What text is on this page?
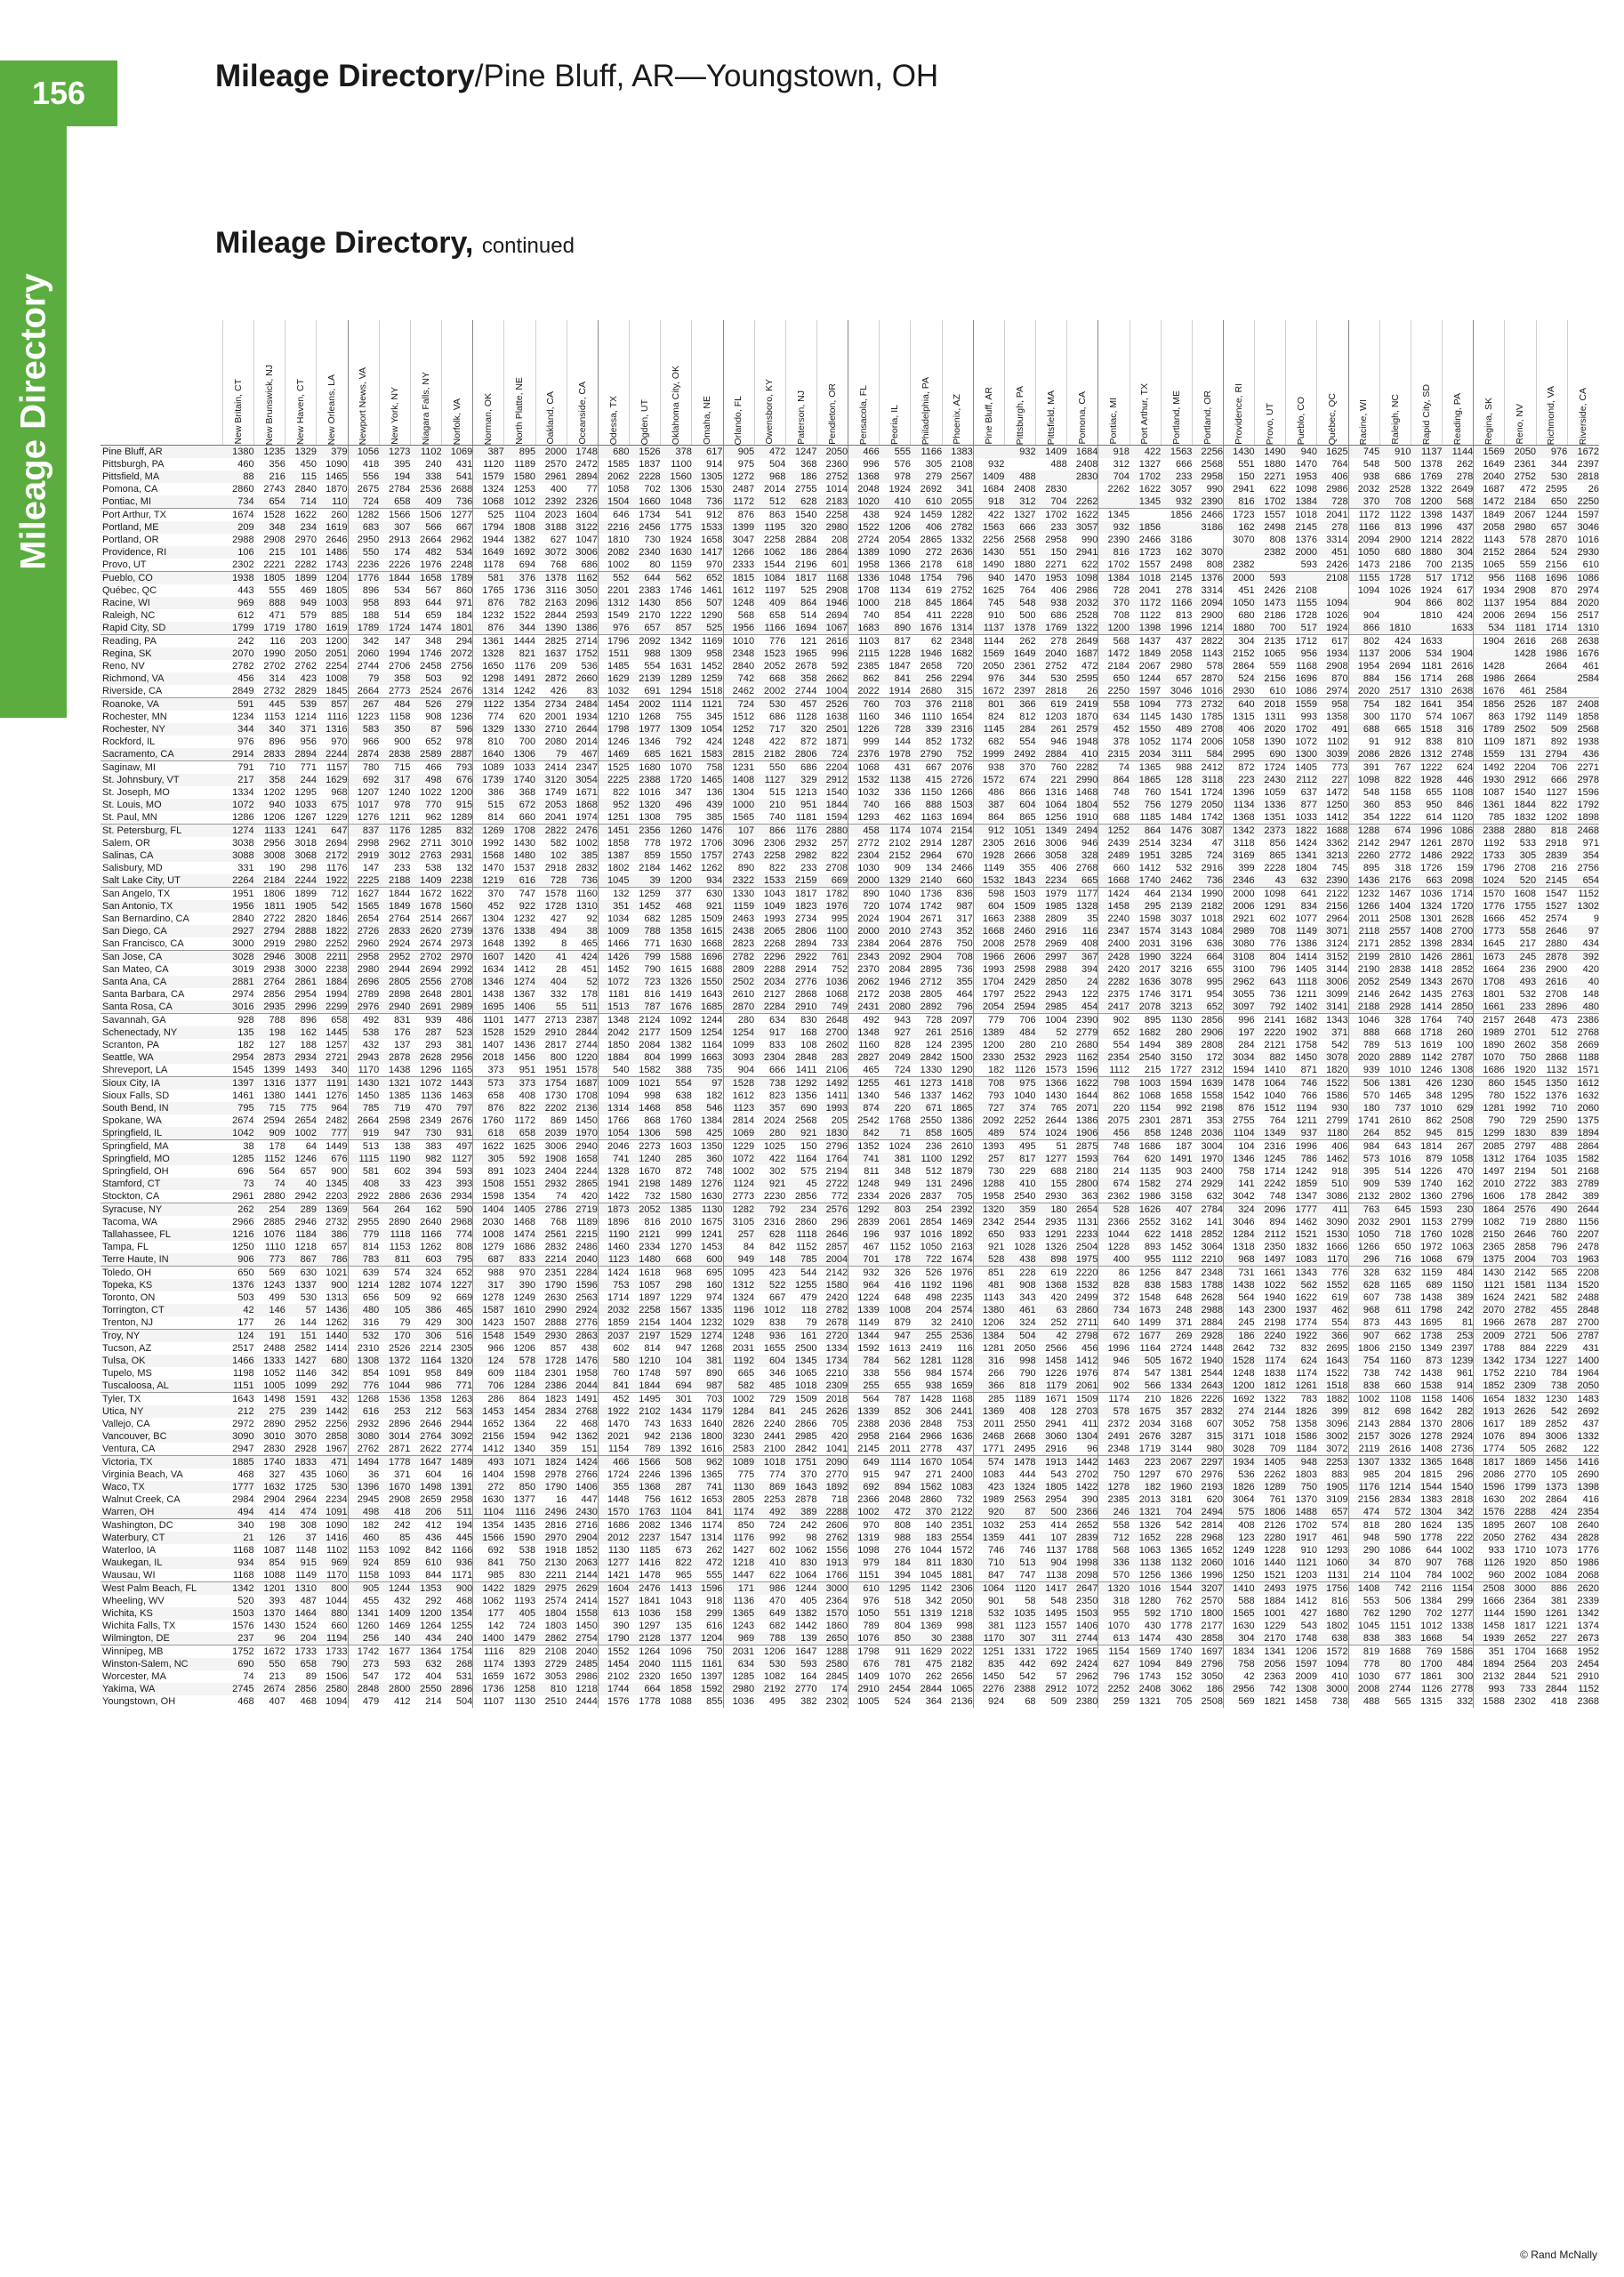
156
Mileage Directory
Mileage Directory/Pine Bluff, AR—Youngstown, OH
Mileage Directory, continued

	New Britain, CT	New Brunswick, NJ	New Haven, CT	New Orleans, LA	Newport News, VA	New York, NY	Niagara Falls, NY	Norfolk, VA	Norman, OK	North Platte, NE	Oakland, CA	Oceanside, CA	Odessa, TX	Ogden, UT	Oklahoma City, OK	Omaha, NE	Orlando, FL	Owensboro, KY	Paterson, NJ	Pendleton, OR	Pensacola, FL	Peoria, IL	Philadelphia, PA	Phoenix, AZ	Pine Bluff, AR	Pittsburgh, PA	Pittsfield, MA	Pomona, CA	Pontiac, MI	Port Arthur, TX	Portland, ME	Portland, OR	Providence, RI	Provo, UT	Pueblo, CO	Québec, QC	Racine, WI	Raleigh, NC	Rapid City, SD	Reading, PA	Regina, SK	Reno, NV	Richmond, VA	Riverside, CA

Pine Bluff, AR	1380	1235	1329	379	1056	1273	1102	1069	387	895	2000	1748	680	1526	378	617	905	472	1247	2050	466	555	1166	1383		932	1409	1684	918	422	1563	2256	1430	1490	940	1625	745	910	1137	1144	1569	2050	976	1672
Pittsburgh, PA	460	356	450	1090	418	395	240	431	1120	1189	2570	2472	1585	1837	1100	914	975	504	368	2360	996	576	305	2108	932		488	2408	312	1327	666	2568	551	1880	1470	764	548	500	1378	262	1649	2361	344	2397
Pittsfield, MA	88	216	115	1465	556	194	338	541	1579	1580	2961	2894	2062	2228	1560	1305	1272	968	186	2752	1368	978	279	2567	1409	488		2830	704	1702	233	2958	150	2271	1953	406	938	686	1769	278	2040	2752	530	2818
Pomona, CA	2860	2743	2840	1870	2675	2784	2536	2688	1324	1253	400	77	1058	702	1306	1530	2487	2014	2755	1014	2048	1924	2692	341	1684	2408	2830		2262	1622	3057	990	2941	622	1098	2986	2032	2528	1322	2649	1687	472	2595	26
Pontiac, MI	734	654	714	110	724	658	409	736	1068	1012	2392	2326	1504	1660	1048	736	1172	512	628	2183	1020	410	610	2055	918	312	704	2262		1345	932	2390	816	1702	1384	728	370	708	1200	568	1472	2184	650	2250
Port Arthur, TX	1674	1528	1622	260	1282	1566	1506	1277	525	1104	2023	1604	646	1734	541	912	876	863	1540	2258	438	924	1459	1282	422	1327	1702	1622	1345		1856	2466	1723	1557	1018	2041	1172	1122	1398	1437	1849	2067	1244	1597
Portland, ME	209	348	234	1619	683	307	566	667	1794	1808	3188	3122	2216	2456	1775	1533	1399	1195	320	2980	1522	1206	406	2782	1563	666	233	3057	932	1856		3186	162	2498	2145	278	1166	813	1996	437	2058	2980	657	3046
Portland, OR	2988	2908	2970	2646	2950	2913	2664	2962	1944	1382	627	1047	1810	730	1924	1658	3047	2258	2884	208	2724	2054	2865	1332	2256	2568	2958	990	2390	2466	3186		3070	808	1376	3314	2094	2900	1214	2822	1143	578	2870	1016
Providence, RI	106	215	101	1486	550	174	482	534	1649	1692	3072	3006	2082	2340	1630	1417	1266	1062	186	2864	1389	1090	272	2636	1430	551	150	2941	816	1723	162	3070		2382	2000	451	1050	680	1880	304	2152	2864	524	2930
Provo, UT	2302	2221	2282	1743	2236	2226	1976	2248	1178	694	768	686	1002	80	1159	970	2333	1544	2196	601	1958	1366	2178	618	1490	1880	2271	622	1702	1557	2498	808	2382		593	2426	1473	2186	700	2135	1065	559	2156	610
Pueblo, CO	1938	1805	1899	1204	1776	1844	1658	1789	581	376	1378	1162	552	644	562	652	1815	1084	1817	1168	1336	1048	1754	796	940	1470	1953	1098	1384	1018	2145	1376	2000	593		2108	1155	1728	517	1712	956	1168	1696	1086
Québec, QC	443	555	469	1805	896	534	567	860	1765	1736	3116	3050	2201	2383	1746	1461	1612	1197	525	2908	1708	1134	619	2752	1625	764	406	2986	728	2041	278	3314	451	2426	2108		1094	1026	1924	617	1934	2908	870	2974
Racine, WI	969	888	949	1003	958	893	644	971	876	782	2163	2096	1312	1430	856	507	1248	409	864	1946	1000	218	845	1864	745	548	938	2032	370	1172	1166	2094	1050	1473	1155	1094		904	866	802	1137	1954	884	2020
Raleigh, NC	612	471	579	885	188	514	659	184	1232	1522	2844	2593	1549	2170	1222	1290	568	658	514	2694	740	854	411	2228	910	500	686	2528	708	1122	813	2900	680	2186	1728	1026	904		1810	424	2006	2694	156	2517
Rapid City, SD	1799	1719	1780	1619	1789	1724	1474	1801	876	344	1390	1386	976	657	857	525	1956	1166	1694	1067	1683	890	1676	1314	1137	1378	1769	1322	1200	1398	1996	1214	1880	700	517	1924	866	1810		1633	534	1181	1714	1310
Reading, PA	242	116	203	1200	342	147	348	294	1361	1444	2825	2714	1796	2092	1342	1169	1010	776	121	2616	1103	817	62	2348	1144	262	278	2649	568	1437	437	2822	304	2135	1712	617	802	424	1633		1904	2616	268	2638
Regina, SK	2070	1990	2050	2051	2060	1994	1746	2072	1328	821	1637	1752	1511	988	1309	958	2348	1523	1965	996	2115	1228	1946	1682	1569	1649	2040	1687	1472	1849	2058	1143	2152	1065	956	1934	1137	2006	534	1904		1428	1986	1676
Reno, NV	2782	2702	2762	2254	2744	2706	2458	2756	1650	1176	209	536	1485	554	1631	1452	2840	2052	2678	592	2385	1847	2658	720	2050	2361	2752	472	2184	2067	2980	578	2864	559	1168	2908	1954	2694	1181	2616	1428		2664	461
Richmond, VA	456	314	423	1008	79	358	503	92	1298	1491	2872	2660	1629	2139	1289	1259	742	668	358	2662	862	841	256	2294	976	344	530	2595	650	1244	657	2870	524	2156	1696	870	884	156	1714	268	1986	2664		2584
Riverside, CA	2849	2732	2829	1845	2664	2773	2524	2676	1314	1242	426	83	1032	691	1294	1518	2462	2002	2744	1004	2022	1914	2680	315	1672	2397	2818	26	2250	1597	3046	1016	2930	610	1086	2974	2020	2517	1310	2638	1676	461	2584	
Roanoke, VA	591	445	539	857	267	484	526	279	1122	1354	2734	2484	1454	2002	1114	1121	724	530	457	2526	760	703	376	2118	801	366	619	2419	558	1094	773	2732	640	2018	1559	958	754	182	1641	354	1856	2526	187	2408
Rochester, MN	1234	1153	1214	1116	1223	1158	908	1236	774	620	2001	1934	1210	1268	755	345	1512	686	1128	1638	1160	346	1110	1654	824	812	1203	1870	634	1145	1430	1785	1315	1311	993	1358	300	1170	574	1067	863	1792	1149	1858
Rochester, NY	344	340	371	1316	583	350	87	596	1329	1330	2710	2644	1798	1977	1309	1054	1252	717	320	2501	1226	728	339	2316	1145	284	261	2579	452	1550	489	2708	406	2020	1702	491	688	665	1518	316	1789	2502	509	2568
Rockford, IL	976	896	956	970	966	900	652	978	810	700	2080	2014	1246	1346	792	424	1248	422	872	1871	999	144	852	1732	682	554	946	1948	378	1052	1174	2006	1058	1390	1072	1102	91	912	838	810	1109	1871	892	1938
Sacramento, CA	2914	2833	2894	2244	2874	2838	2589	2887	1640	1306	79	467	1469	685	1621	1583	2815	2182	2806	724	2376	1978	2790	752	1999	2492	2884	410	2315	2034	3111	584	2995	690	1300	3039	2086	2826	1312	2748	1559	131	2794	436
Saginaw, MI	791	710	771	1157	780	715	466	793	1089	1033	2414	2347	1525	1680	1070	758	1231	550	686	2204	1068	431	667	2076	938	370	760	2282	74	1365	988	2412	872	1724	1405	773	391	767	1222	624	1492	2204	706	2271
St. Johnsbury, VT	217	358	244	1629	692	317	498	676	1739	1740	3120	3054	2225	2388	1720	1465	1408	1127	329	2912	1532	1138	415	2726	1572	674	221	2990	864	1865	128	3118	223	2430	2112	227	1098	822	1928	446	1930	2912	666	2978
St. Joseph, MO	1334	1202	1295	968	1207	1240	1022	1200	386	368	1749	1671	822	1016	347	136	1304	515	1213	1540	1032	336	1150	1266	486	866	1316	1468	748	760	1541	1724	1396	1059	637	1472	548	1158	655	1108	1087	1540	1127	1596
St. Louis, MO	1072	940	1033	675	1017	978	770	915	515	672	2053	1868	952	1320	496	439	1000	210	951	1844	740	166	888	1503	387	604	1064	1804	552	756	1279	2050	1134	1336	877	1250	360	853	950	846	1361	1844	822	1792
St. Paul, MN	1286	1206	1267	1229	1276	1211	962	1289	814	660	2041	1974	1251	1308	795	385	1565	740	1181	1594	1293	462	1163	1694	864	865	1256	1910	688	1185	1484	1742	1368	1351	1033	1412	354	1222	614	1120	785	1832	1202	1898
St. Petersburg, FL	1274	1133	1241	647	837	1176	1285	832	1269	1708	2822	2476	1451	2356	1260	1476	107	866	1176	2880	458	1174	1074	2154	912	1051	1349	2494	1252	864	1476	3087	1342	2373	1822	1688	1288	674	1996	1086	2388	2880	818	2468
Salem, OR	3038	2956	3018	2694	2998	2962	2711	3010	1992	1430	582	1002	1858	778	1972	1706	3096	2306	2932	257	2772	2102	2914	1287	2305	2616	3006	946	2439	2514	3234	47	3118	856	1424	3362	2142	2947	1261	2870	1192	533	2918	971
Salinas, CA	3088	3008	3068	2172	2919	3012	2763	2931	1568	1480	102	385	1387	859	1550	1757	2743	2258	2982	822	2304	2152	2964	670	1928	2666	3058	328	2489	1951	3285	724	3169	865	1341	3213	2260	2772	1486	2922	1733	305	2839	354
Salisbury, MD	331	190	298	1176	147	233	538	132	1470	1537	2918	2832	1802	2184	1462	1262	890	822	233	2708	1030	909	134	2466	1149	355	406	2768	660	1412	532	2916	399	2228	1804	745	895	318	1726	159	1796	2708	216	2756
Salt Lake City, UT	2264	2184	2244	1922	2225	2188	1409	2238	1219	616	728	736	1045	39	1200	934	2322	1533	2159	669	2000	1329	2140	660	1532	1843	2234	665	1668	1740	2462	736	2346	43	632	2390	1436	2176	663	2098	1024	520	2145	654
San Angelo, TX	1951	1806	1899	712	1627	1844	1672	1622	370	747	1578	1160	132	1259	377	630	1330	1043	1817	1782	890	1040	1736	836	598	1503	1979	1177	1424	464	2134	1990	2000	1098	641	2122	1232	1467	1036	1714	1570	1608	1547	1152
San Antonio, TX	1956	1811	1905	542	1565	1849	1678	1560	452	922	1728	1310	351	1452	468	921	1159	1049	1823	1976	720	1074	1742	987	604	1509	1985	1328	1458	295	2139	2182	2006	1291	834	2156	1266	1404	1324	1720	1776	1755	1527	1302
San Bernardino, CA	2840	2722	2820	1846	2654	2764	2514	2667	1304	1232	427	92	1034	682	1285	1509	2463	1993	2734	995	2024	1904	2671	317	1663	2388	2809	35	2240	1598	3037	1018	2921	602	1077	2964	2011	2508	1301	2628	1666	452	2574	9
San Diego, CA	2927	2794	2888	1822	2726	2833	2620	2739	1376	1338	494	38	1009	788	1358	1615	2438	2065	2806	1100	2000	2010	2743	352	1668	2460	2916	116	2347	1574	3143	1084	2989	708	1149	3071	2118	2557	1408	2700	1773	558	2646	97
San Francisco, CA	3000	2919	2980	2252	2960	2924	2674	2973	1648	1392	8	465	1466	771	1630	1668	2823	2268	2894	733	2384	2064	2876	750	2008	2578	2969	408	2400	2031	3196	636	3080	776	1386	3124	2171	2852	1398	2834	1645	217	2880	434
San Jose, CA	3028	2946	3008	2211	2958	2952	2702	2970	1607	1420	41	424	1426	799	1588	1696	2782	2296	2922	761	2343	2092	2904	708	1966	2606	2997	367	2428	1990	3224	664	3108	804	1414	3152	2199	2810	1426	2861	1673	245	2878	392
San Mateo, CA	3019	2938	3000	2238	2980	2944	2694	2992	1634	1412	28	451	1452	790	1615	1688	2809	2288	2914	752	2370	2084	2895	736	1993	2598	2988	394	2420	2017	3216	655	3100	796	1405	3144	2190	2838	1418	2852	1664	236	2900	420
Santa Ana, CA	2881	2764	2861	1884	2696	2805	2556	2708	1346	1274	404	52	1072	723	1326	1550	2502	2034	2776	1036	2062	1946	2712	355	1704	2429	2850	24	2282	1636	3078	995	2962	643	1118	3006	2052	2549	1343	2670	1708	493	2616	40
Santa Barbara, CA	2974	2856	2954	1994	2789	2898	2648	2801	1438	1367	332	178	1181	816	1419	1643	2610	2127	2868	1068	2172	2038	2805	464	1797	2522	2943	122	2375	1746	3171	954	3055	736	1211	3099	2146	2642	1435	2763	1801	532	2708	148
Santa Rosa, CA	3016	2935	2996	2299	2976	2940	2691	2989	1695	1406	55	511	1513	787	1676	1685	2870	2284	2910	749	2431	2080	2892	796	2054	2594	2985	454	2417	2078	3213	652	3097	792	1402	3141	2188	2928	1414	2850	1661	233	2896	480
Savannah, GA	928	788	896	658	492	831	939	486	1101	1477	2713	2387	1348	2124	1092	1244	280	634	830	2648	492	943	728	2097	779	706	1004	2390	902	895	1130	2856	996	2141	1682	1343	1046	328	1764	740	2157	2648	473	2386
Schenectady, NY	135	198	162	1445	538	176	287	523	1528	1529	2910	2844	2042	2177	1509	1254	1254	917	168	2700	1348	927	261	2516	1389	484	52	2779	652	1682	280	2906	197	2220	1902	371	888	668	1718	260	1989	2701	512	2768
Scranton, PA	182	127	188	1257	432	137	293	381	1407	1436	2817	2744	1850	2084	1382	1164	1099	833	108	2602	1160	828	124	2395	1200	280	210	2680	554	1494	389	2808	284	2121	1758	542	789	513	1619	100	1890	2602	358	2669
Seattle, WA	2954	2873	2934	2721	2943	2878	2628	2956	2018	1456	800	1220	1884	804	1999	1663	3093	2304	2848	283	2827	2049	2842	1500	2330	2532	2923	1162	2354	2540	3150	172	3034	882	1450	3078	2020	2889	1142	2787	1070	750	2868	1188
Shreveport, LA	1545	1399	1493	340	1170	1438	1296	1165	373	951	1951	1578	540	1582	388	735	904	666	1411	2106	465	724	1330	1290	182	1126	1573	1596	1112	215	1727	2312	1594	1410	871	1820	939	1010	1246	1308	1686	1920	1132	1571
Sioux City, IA	1397	1316	1377	1191	1430	1321	1072	1443	573	373	1754	1687	1009	1021	554	97	1528	738	1292	1492	1255	461	1273	1418	708	975	1366	1622	798	1003	1594	1639	1478	1064	746	1522	506	1381	426	1230	860	1545	1350	1612
Sioux Falls, SD	1461	1380	1441	1276	1450	1385	1136	1463	658	408	1730	1708	1094	998	638	182	1612	823	1356	1411	1340	546	1337	1462	793	1040	1430	1644	862	1068	1658	1558	1542	1040	766	1586	570	1465	348	1295	780	1522	1376	1632
South Bend, IN	795	715	775	964	785	719	470	797	876	822	2202	2136	1314	1468	858	546	1123	357	690	1993	874	220	671	1865	727	374	765	2071	220	1154	992	2198	876	1512	1194	930	180	737	1010	629	1281	1992	710	2060
Spokane, WA	2674	2594	2654	2482	2664	2598	2349	2676	1760	1172	869	1450	1766	868	1760	1384	2814	2024	2568	205	2542	1768	2550	1386	2092	2252	2644	1386	2075	2301	2871	353	2755	764	1211	2799	1741	2610	862	2508	790	729	2590	1375
Springfield, IL	1042	909	1002	777	919	947	730	931	618	658	2039	1970	1054	1306	598	425	1069	280	921	1830	842	71	858	1605	489	574	1024	1906	456	858	1248	2036	1104	1349	937	1180	264	852	945	815	1299	1830	839	1894
Springfield, MA	38	178	64	1449	513	138	383	497	1622	1625	3006	2940	2046	2273	1603	1350	1229	1025	150	2796	1352	1024	236	2610	1393	495	51	2875	748	1686	187	3004	104	2316	1996	406	984	643	1814	267	2085	2797	488	2864
Springfield, MO	1285	1152	1246	676	1115	1190	982	1127	305	592	1908	1658	741	1240	285	360	1072	422	1164	1764	741	381	1100	1292	257	817	1277	1593	764	620	1491	1970	1346	1245	786	1462	573	1016	879	1058	1312	1764	1035	1582
Springfield, OH	696	564	657	900	581	602	394	593	891	1023	2404	2244	1328	1670	872	748	1002	302	575	2194	811	348	512	1879	730	229	688	2180	214	1135	903	2400	758	1714	1242	918	395	514	1226	470	1497	2194	501	2168
Stamford, CT	73	74	40	1345	408	33	423	393	1508	1551	2932	2865	1941	2198	1489	1276	1124	921	45	2722	1248	949	131	2496	1288	410	155	2800	674	1582	274	2929	141	2242	1859	510	909	539	1740	162	2010	2722	383	2789
Stockton, CA	2961	2880	2942	2203	2922	2886	2636	2934	1598	1354	74	420	1422	732	1580	1630	2773	2230	2856	772	2334	2026	2837	705	1958	2540	2930	363	2362	1986	3158	632	3042	748	1347	3086	2132	2802	1360	2796	1606	178	2842	389
Syracuse, NY	262	254	289	1369	564	264	162	590	1404	1405	2786	2719	1873	2052	1385	1130	1282	792	234	2576	1292	803	254	2392	1320	359	180	2654	528	1626	407	2784	324	2096	1777	411	763	645	1593	230	1864	2576	490	2644
Tacoma, WA	2966	2885	2946	2732	2955	2890	2640	2968	2030	1468	768	1189	1896	816	2010	1675	3105	2316	2860	296	2839	2061	2854	1469	2342	2544	2935	1131	2366	2552	3162	141	3046	894	1462	3090	2032	2901	1153	2799	1082	719	2880	1156
Tallahassee, FL	1216	1076	1184	386	779	1118	1166	774	1008	1474	2561	2215	1190	2121	999	1241	257	628	1118	2646	196	937	1016	1892	650	933	1291	2233	1044	622	1418	2852	1284	2112	1521	1530	1050	718	1760	1028	2150	2646	760	2207
Tampa, FL	1250	1110	1218	657	814	1153	1262	808	1279	1686	2832	2486	1460	2334	1270	1453	84	842	1152	2857	467	1152	1050	2163	921	1028	1326	2504	1228	893	1452	3064	1318	2350	1832	1666	1266	650	1972	1063	2365	2858	796	2478
Terre Haute, IN	906	773	867	786	783	811	603	795	687	833	2214	2040	1123	1480	668	600	949	148	785	2004	701	178	722	1674	528	438	898	1975	400	955	1112	2210	968	1497	1083	1170	296	716	1068	679	1375	2004	703	1963
Toledo, OH	650	569	630	1021	639	574	324	652	988	970	2351	2284	1424	1618	968	695	1095	423	544	2142	932	326	526	1976	851	228	619	2220	86	1256	847	2348	731	1661	1343	776	328	632	1159	484	1430	2142	565	2208
Topeka, KS	1376	1243	1337	900	1214	1282	1074	1227	317	390	1790	1596	753	1057	298	160	1312	522	1255	1580	964	416	1192	1196	481	908	1368	1532	828	838	1583	1788	1438	1022	562	1552	628	1165	689	1150	1121	1581	1134	1520
Toronto, ON	503	499	530	1313	656	509	92	669	1278	1249	2630	2563	1714	1897	1229	974	1324	667	479	2420	1224	648	498	2235	1143	343	420	2499	372	1548	648	2628	564	1940	1622	619	607	738	1438	389	1624	2421	582	2488
Torrington, CT	42	146	57	1436	480	105	386	465	1587	1610	2990	2924	2032	2258	1567	1335	1196	1012	118	2782	1339	1008	204	2574	1380	461	63	2860	734	1673	248	2988	143	2300	1937	462	968	611	1798	242	2070	2782	455	2848
Trenton, NJ	177	26	144	1262	316	79	429	300	1423	1507	2888	2776	1859	2154	1404	1232	1029	838	79	2678	1149	879	32	2410	1206	324	252	2711	640	1499	371	2884	245	2198	1774	554	873	443	1695	81	1966	2678	287	2700
Troy, NY	124	191	151	1440	532	170	306	516	1548	1549	2930	2863	2037	2197	1529	1274	1248	936	161	2720	1344	947	255	2536	1384	504	42	2798	672	1677	269	2928	186	2240	1922	366	907	662	1738	253	2009	2721	506	2787
Tucson, AZ	2517	2488	2582	1414	2310	2526	2214	2305	966	1206	857	438	602	814	947	1268	2031	1655	2500	1334	1592	1613	2419	116	1281	2050	2566	456	1996	1164	2724	1448	2642	732	832	2695	1806	2150	1349	2397	1788	884	2229	431
Tulsa, OK	1466	1333	1427	680	1308	1372	1164	1320	124	578	1728	1476	580	1210	104	381	1192	604	1345	1734	784	562	1281	1128	316	998	1458	1412	946	505	1672	1940	1528	1174	624	1643	754	1160	873	1239	1342	1734	1227	1400
Tupelo, MS	1198	1052	1146	342	854	1091	958	849	609	1184	2301	1958	760	1748	597	890	665	346	1065	2210	338	556	984	1574	266	790	1226	1976	874	547	1381	2544	1248	1838	1174	1522	738	742	1438	961	1752	2210	784	1964
Tuscaloosa, AL	1151	1005	1099	292	776	1044	986	771	706	1284	2386	2044	841	1844	694	987	582	485	1018	2309	255	655	938	1659	366	818	1179	2061	902	566	1334	2643	1200	1812	1261	1518	838	660	1538	914	1852	2309	738	2050
Tyler, TX	1643	1498	1591	432	1268	1536	1358	1263	286	864	1823	1491	452	1495	301	703	1002	729	1509	2018	564	787	1428	1168	285	1189	1671	1509	1174	210	1826	2226	1692	1322	783	1882	1002	1108	1158	1406	1654	1832	1230	1483
Utica, NY	212	275	239	1442	616	253	212	563	1453	1454	2834	2768	1922	2102	1434	1179	1284	841	245	2626	1339	852	306	2441	1369	408	128	2703	578	1675	357	2832	274	2144	1826	399	812	698	1642	282	1913	2626	542	2692
Vallejo, CA	2972	2890	2952	2256	2932	2896	2646	2944	1652	1364	22	468	1470	743	1633	1640	2826	2240	2866	705	2388	2036	2848	753	2011	2550	2941	411	2372	2034	3168	607	3052	758	1358	3096	2143	2884	1370	2806	1617	189	2852	437
Vancouver, BC	3090	3010	3070	2858	3080	3014	2764	3092	2156	1594	942	1362	2021	942	2136	1800	3230	2441	2985	420	2958	2164	2966	1636	2468	2668	3060	1304	2491	2676	3287	315	3171	1018	1586	3002	2157	3026	1278	2924	1076	894	3006	1332
Ventura, CA	2947	2830	2928	1967	2762	2871	2622	2774	1412	1340	359	151	1154	789	1392	1616	2583	2100	2842	1041	2145	2011	2778	437	1771	2495	2916	96	2348	1719	3144	980	3028	709	1184	3072	2119	2616	1408	2736	1774	505	2682	122
Victoria, TX	1885	1740	1833	471	1494	1778	1647	1489	493	1071	1824	1424	466	1566	508	962	1089	1018	1751	2090	649	1114	1670	1054	574	1478	1913	1442	1463	223	2067	2297	1934	1405	948	2253	1307	1332	1365	1648	1817	1869	1456	1416
Virginia Beach, VA	468	327	435	1060	36	371	604	16	1404	1598	2978	2766	1724	2246	1396	1365	775	774	370	2770	915	947	271	2400	1083	444	543	2702	750	1297	670	2976	536	2262	1803	883	985	204	1815	296	2086	2770	105	2690
Waco, TX	1777	1632	1725	530	1396	1670	1498	1391	272	850	1790	1406	355	1368	287	741	1130	869	1643	1892	692	894	1562	1083	423	1324	1805	1422	1278	182	1960	2193	1826	1289	750	1905	1176	1214	1544	1540	1596	1799	1373	1398
Walnut Creek, CA	2984	2904	2964	2234	2945	2908	2659	2958	1630	1377	16	447	1448	756	1612	1653	2805	2253	2878	718	2366	2048	2860	732	1989	2563	2954	390	2385	2013	3181	620	3064	761	1370	3109	2156	2834	1383	2818	1630	202	2864	416
Warren, OH	494	414	474	1091	498	418	206	511	1104	1116	2496	2430	1570	1763	1104	841	1174	492	389	2288	1002	472	370	2122	920	87	500	2366	246	1321	704	2494	575	1806	1488	657	474	572	1304	342	1576	2288	424	2354
Washington, DC	340	198	308	1090	182	242	412	194	1354	1435	2816	2716	1686	2082	1346	1174	850	724	242	2606	970	808	140	2351	1032	253	414	2652	558	1326	542	2814	408	2126	1702	574	818	280	1624	135	1895	2607	108	2640
Waterbury, CT	21	126	37	1416	460	85	436	445	1566	1590	2970	2904	2012	2237	1547	1314	1176	992	98	2762	1319	988	183	2554	1359	441	107	2839	712	1652	228	2968	123	2280	1917	461	948	590	1778	222	2050	2762	434	2828
Waterloo, IA	1168	1087	1148	1102	1153	1092	842	1166	692	538	1918	1852	1130	1185	673	262	1427	602	1062	1556	1098	276	1044	1572	746	746	1137	1788	568	1063	1365	1652	1249	1228	910	1293	290	1086	644	1002	933	1710	1073	1776
Waukegan, IL	934	854	915	969	924	859	610	936	841	750	2130	2063	1277	1416	822	472	1218	410	830	1913	979	184	811	1830	710	513	904	1998	336	1138	1132	2060	1016	1440	1121	1060	34	870	907	768	1126	1920	850	1986
Wausau, WI	1168	1088	1149	1170	1158	1093	844	1171	985	830	2211	2144	1421	1478	965	555	1447	622	1064	1766	1151	394	1045	1881	847	747	1138	2098	570	1256	1366	1996	1250	1521	1203	1131	214	1104	784	1002	960	2002	1084	2068
West Palm Beach, FL	1342	1201	1310	800	905	1244	1353	900	1422	1829	2975	2629	1604	2476	1413	1596	171	986	1244	3000	610	1295	1142	2306	1064	1120	1417	2647	1320	1016	1544	3207	1410	2493	1975	1756	1408	742	2116	1154	2508	3000	886	2620
Wheeling, WV	520	393	487	1044	455	432	292	468	1062	1193	2574	2414	1527	1841	1043	918	1136	470	405	2364	976	518	342	2050	901	58	548	2350	318	1280	762	2570	588	1884	1412	816	553	506	1384	299	1666	2364	381	2339
Wichita, KS	1503	1370	1464	880	1341	1409	1200	1354	177	405	1804	1558	613	1036	158	299	1365	649	1382	1570	1050	551	1319	1218	532	1035	1495	1503	955	592	1710	1800	1565	1001	427	1680	762	1290	702	1277	1144	1590	1261	1342
Wichita Falls, TX	1576	1430	1524	660	1260	1469	1264	1255	142	724	1803	1450	390	1297	135	616	1243	682	1442	1860	789	804	1369	998	381	1123	1557	1406	1070	430	1778	2177	1630	1229	543	1802	1045	1151	1012	1338	1458	1817	1221	1374
Wilmington, DE	237	96	204	1194	256	140	434	240	1400	1479	2862	2754	1790	2128	1377	1204	969	788	139	2650	1076	850	30	2388	1170	307	311	2744	613	1474	430	2858	304	2170	1748	638	838	383	1668	54	1939	2652	227	2673
Winnipeg, MB	1752	1672	1733	1733	1742	1677	1364	1754	1116	829	2108	2040	1552	1264	1096	750	2031	1206	1647	1288	1798	911	1629	2022	1251	1331	1722	1965	1154	1569	1740	1697	1834	1341	1206	1572	819	1688	769	1586	351	1704	1668	1952
Winston-Salem, NC	690	550	658	790	273	593	632	268	1174	1393	2729	2485	1454	2040	1115	1161	634	530	593	2580	676	781	475	2182	835	442	692	2424	627	1094	849	2796	758	2056	1597	1094	778	80	1700	484	1894	2564	203	2454
Worcester, MA	74	213	89	1506	547	172	404	531	1659	1672	3053	2986	2102	2320	1650	1397	1285	1082	164	2845	1409	1070	262	2656	1450	542	57	2962	796	1743	152	3050	42	2363	2009	410	1030	677	1861	300	2132	2844	521	2910
Yakima, WA	2745	2674	2856	2580	2848	2800	2550	2896	1736	1258	810	1218	1744	664	1858	1592	2980	2192	2770	174	2910	2454	2844	1065	2276	2388	2912	1072	2252	2408	3062	186	2956	742	1308	3000	2008	2744	1126	2778	993	733	2844	1152
Youngstown, OH	468	407	468	1094	479	412	214	504	1107	1130	2510	2444	1576	1778	1088	855	1036	495	382	2302	1005	524	364	2136	924	68	509	2380	259	1321	705	2508	569	1821	1458	738	488	565	1315	332	1588	2302	418	2368
© Rand McNally
